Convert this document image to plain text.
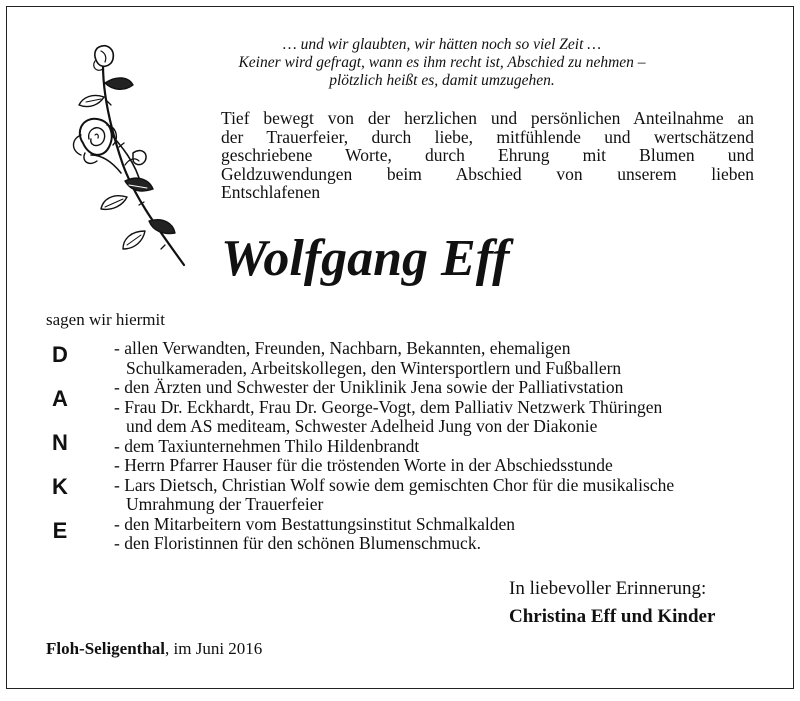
… und wir glaubten, wir hätten noch so viel Zeit …
Keiner wird gefragt, wann es ihm recht ist, Abschied zu nehmen –
plötzlich heißt es, damit umzugehen.
Tief bewegt von der herzlichen und persönlichen Anteilnahme an
der Trauerfeier, durch liebe, mitfühlende und wertschätzend
geschriebene Worte, durch Ehrung mit Blumen und
Geldzuwendungen beim Abschied von unserem lieben
Entschlafenen
Wolfgang Eff
sagen wir hiermit
D
A
N
K
E
- allen Verwandten, Freunden, Nachbarn, Bekannten, ehemaligen
Schulkameraden, Arbeitskollegen, den Wintersportlern und Fußballern
- den Ärzten und Schwester der Uniklinik Jena sowie der Palliativstation
- Frau Dr. Eckhardt, Frau Dr. George-Vogt, dem Palliativ Netzwerk Thüringen
und dem AS mediteam, Schwester Adelheid Jung von der Diakonie
- dem Taxiunternehmen Thilo Hildenbrandt
- Herrn Pfarrer Hauser für die tröstenden Worte in der Abschiedsstunde
- Lars Dietsch, Christian Wolf sowie dem gemischten Chor für die musikalische
Umrahmung der Trauerfeier
- den Mitarbeitern vom Bestattungsinstitut Schmalkalden
- den Floristinnen für den schönen Blumenschmuck.
In liebevoller Erinnerung:
Christina Eff und Kinder
Floh-Seligenthal, im Juni 2016
